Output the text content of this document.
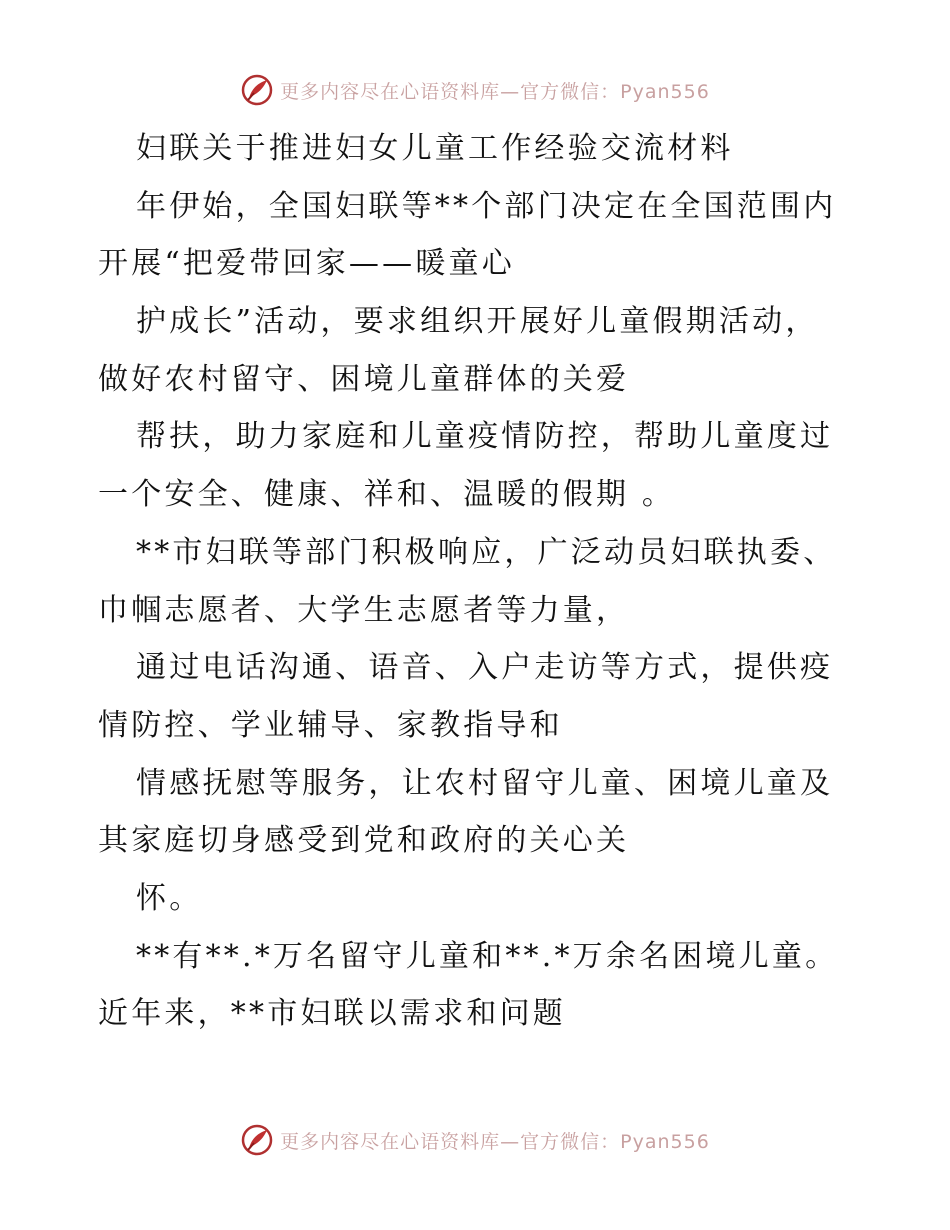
更多内容尽在心语资料库—官方微信：Pyan556
妇联关于推进妇女儿童工作经验交流材料
年伊始，全国妇联等**个部门决定在全国范围内
开展“把爱带回家——暖童心
护成长”活动，要求组织开展好儿童假期活动，
做好农村留守、困境儿童群体的关爱
帮扶，助力家庭和儿童疫情防控，帮助儿童度过
一个安全、健康、祥和、温暖的假期 。
**市妇联等部门积极响应，广泛动员妇联执委、
巾帼志愿者、大学生志愿者等力量，
通过电话沟通、语音、入户走访等方式，提供疫
情防控、学业辅导、家教指导和
情感抚慰等服务，让农村留守儿童、困境儿童及
其家庭切身感受到党和政府的关心关
怀。
**有**.*万名留守儿童和**.*万余名困境儿童。
近年来，**市妇联以需求和问题
更多内容尽在心语资料库—官方微信：Pyan556
